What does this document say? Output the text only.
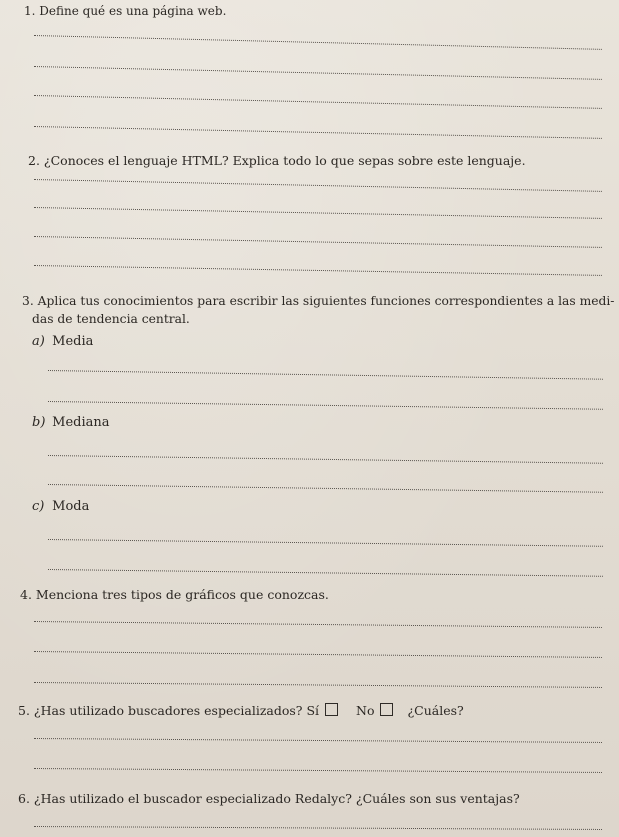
1. Define qué es una página web.
2. ¿Conoces el lenguaje HTML? Explica todo lo que sepas sobre este lenguaje.
3. Aplica tus conocimientos para escribir las siguientes funciones correspondientes a las medi-
das de tendencia central.
a) Media
b) Mediana
c) Moda
4. Menciona tres tipos de gráficos que conozcas.
5. ¿Has utilizado buscadores especializados? Sí	No	¿Cuáles?
6. ¿Has utilizado el buscador especializado Redalyc? ¿Cuáles son sus ventajas?
